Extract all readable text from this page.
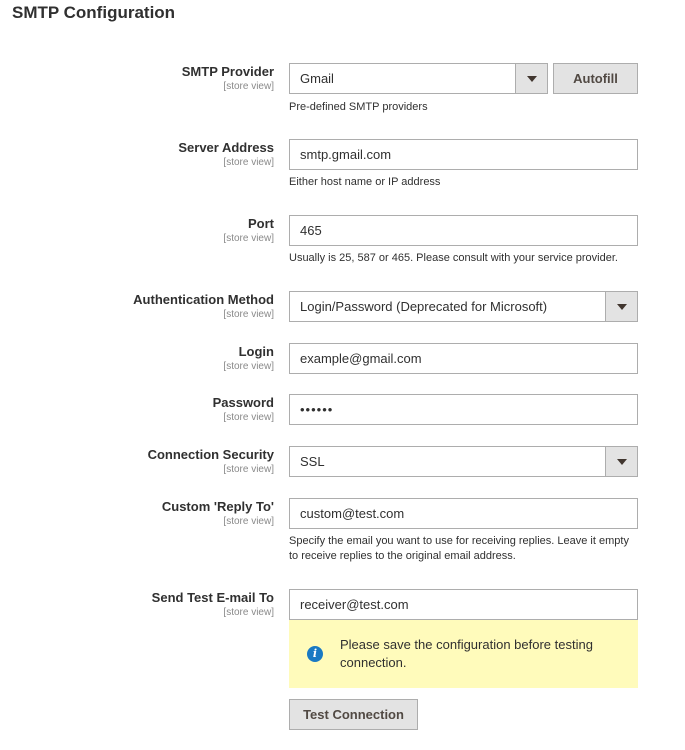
SMTP Configuration
SMTP Provider
[store view]
Gmail
Pre-defined SMTP providers
Autofill
Server Address
[store view]
smtp.gmail.com
Either host name or IP address
Port
[store view]
465
Usually is 25, 587 or 465. Please consult with your service provider.
Authentication Method
[store view]
Login/Password (Deprecated for Microsoft)
Login
[store view]
example@gmail.com
Password
[store view]
••••••
Connection Security
[store view]
SSL
Custom 'Reply To'
[store view]
custom@test.com
Specify the email you want to use for receiving replies. Leave it empty to receive replies to the original email address.
Send Test E-mail To
[store view]
receiver@test.com
i
Please save the configuration before testing connection.
Test Connection
